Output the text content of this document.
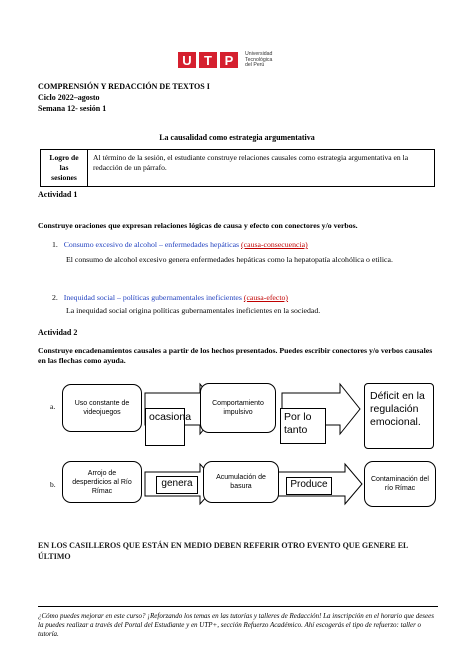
U T P	Universidad
Tecnológica
del Perú
COMPRENSIÓN Y REDACCIÓN DE TEXTOS I
Ciclo 2022–agosto
Semana 12- sesión 1
La causalidad como estrategia argumentativa
Logro de las sesiones	Al término de la sesión, el estudiante construye relaciones causales como estrategia argumentativa en la redacción de un párrafo.
Actividad 1
Construye oraciones que expresan relaciones lógicas de causa y efecto con conectores y/o verbos.
1. Consumo excesivo de alcohol – enfermedades hepáticas (causa-consecuencia)
El consumo de alcohol excesivo genera enfermedades hepáticas como la hepatopatía alcohólica o etilica.
2. Inequidad social – políticas gubernamentales ineficientes (causa-efecto)
La inequidad social origina políticas gubernamentales ineficientes en la sociedad.
Actividad 2
Construye encadenamientos causales a partir de los hechos presentados. Puedes escribir conectores y/o verbos causales en las flechas como ayuda.
a.	Uso constante de videojuegos	ocasiona
Comportamiento impulsivo	Por lo tanto
Déficit en la regulación emocional.
b.
Arrojo de desperdicios al Río Rímac
genera
Acumulación de basura	Produce	Contaminación del río Rímac
EN LOS CASILLEROS QUE ESTÁN EN MEDIO DEBEN REFERIR OTRO EVENTO QUE GENERE EL ÚLTIMO
¿Cómo puedes mejorar en este curso? ¡Reforzando los temas en las tutorías y talleres de Redacción! La inscripción en el horario que desees la puedes realizar a través del Portal del Estudiante y en UTP+, sección Refuerzo Académico. Ahí escogerás el tipo de refuerzo: taller o tutoría.
